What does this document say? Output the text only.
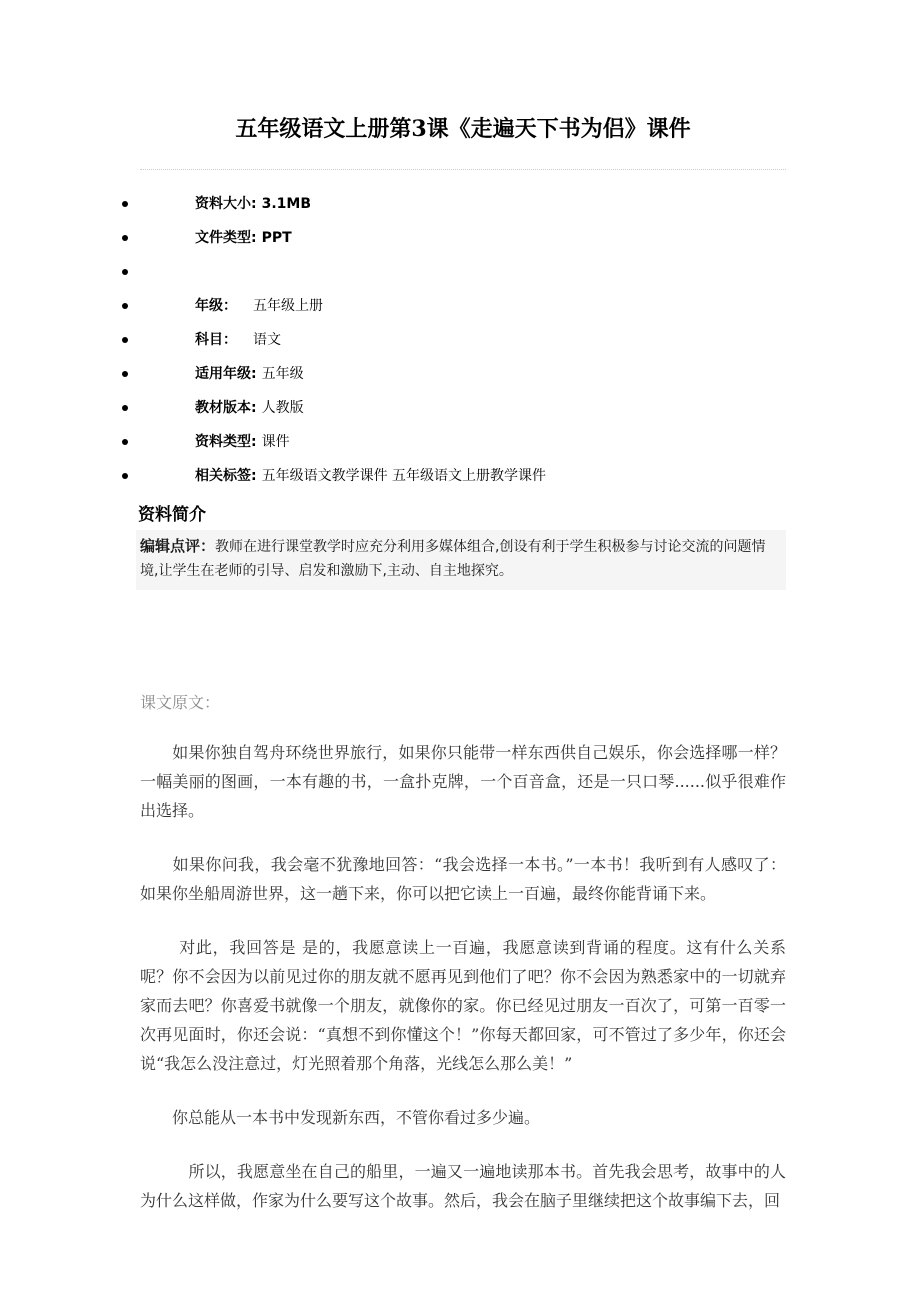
五年级语文上册第3课《走遍天下书为侣》课件
资料大小: 3.1MB
文件类型: PPT
年级： 五年级上册
科目： 语文
适用年级: 五年级
教材版本: 人教版
资料类型: 课件
相关标签: 五年级语文教学课件 五年级语文上册教学课件
资料简介
编辑点评：教师在进行课堂教学时应充分利用多媒体组合,创设有利于学生积极参与讨论交流的问题情境,让学生在老师的引导、启发和激励下,主动、自主地探究。
课文原文：

　　如果你独自驾舟环绕世界旅行，如果你只能带一样东西供自己娱乐，你会选择哪一样？一幅美丽的图画，一本有趣的书，一盒扑克牌，一个百音盒，还是一只口琴......似乎很难作出选择。

　　如果你问我，我会毫不犹豫地回答：“我会选择一本书。”一本书！我听到有人感叹了：如果你坐船周游世界，这一趟下来，你可以把它读上一百遍，最终你能背诵下来。

　　 对此，我回答是 是的，我愿意读上一百遍，我愿意读到背诵的程度。这有什么关系呢？你不会因为以前见过你的朋友就不愿再见到他们了吧？你不会因为熟悉家中的一切就弃家而去吧？你喜爱书就像一个朋友，就像你的家。你已经见过朋友一百次了，可第一百零一次再见面时，你还会说：“真想不到你懂这个！”你每天都回家，可不管过了多少年，你还会说“我怎么没注意过，灯光照着那个角落，光线怎么那么美！”

　　你总能从一本书中发现新东西，不管你看过多少遍。

　　　所以，我愿意坐在自己的船里，一遍又一遍地读那本书。首先我会思考，故事中的人为什么这样做，作家为什么要写这个故事。然后，我会在脑子里继续把这个故事编下去，回
